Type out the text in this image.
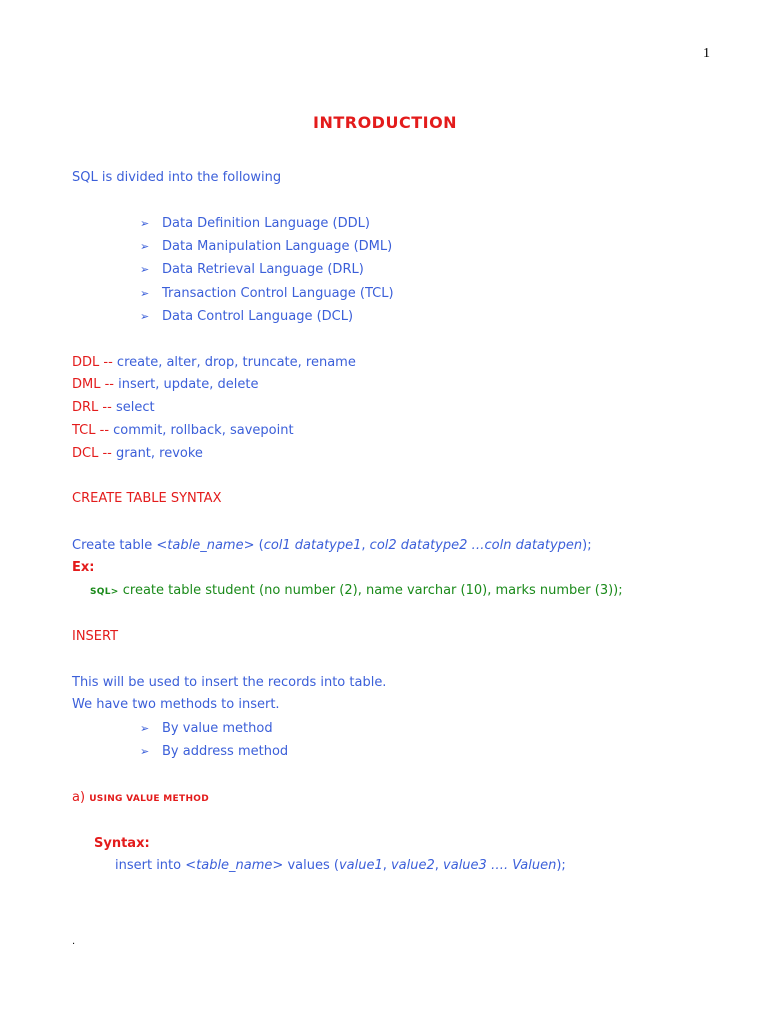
1
INTRODUCTION
SQL is divided into the following
➢ Data Definition Language (DDL)
➢ Data Manipulation Language (DML)
➢ Data Retrieval Language (DRL)
➢ Transaction Control Language (TCL)
➢ Data Control Language (DCL)
DDL -- create, alter, drop, truncate, rename
DML -- insert, update, delete
DRL -- select
TCL -- commit, rollback, savepoint
DCL -- grant, revoke
CREATE TABLE SYNTAX
Create table <table_name> (col1 datatype1, col2 datatype2 …coln datatypen);
Ex:
SQL> create table student (no number (2), name varchar (10), marks number (3));
INSERT
This will be used to insert the records into table.
We have two methods to insert.
➢ By value method
➢ By address method
a) USING VALUE METHOD
Syntax:
insert into <table_name> values (value1, value2, value3 …. Valuen);
.
